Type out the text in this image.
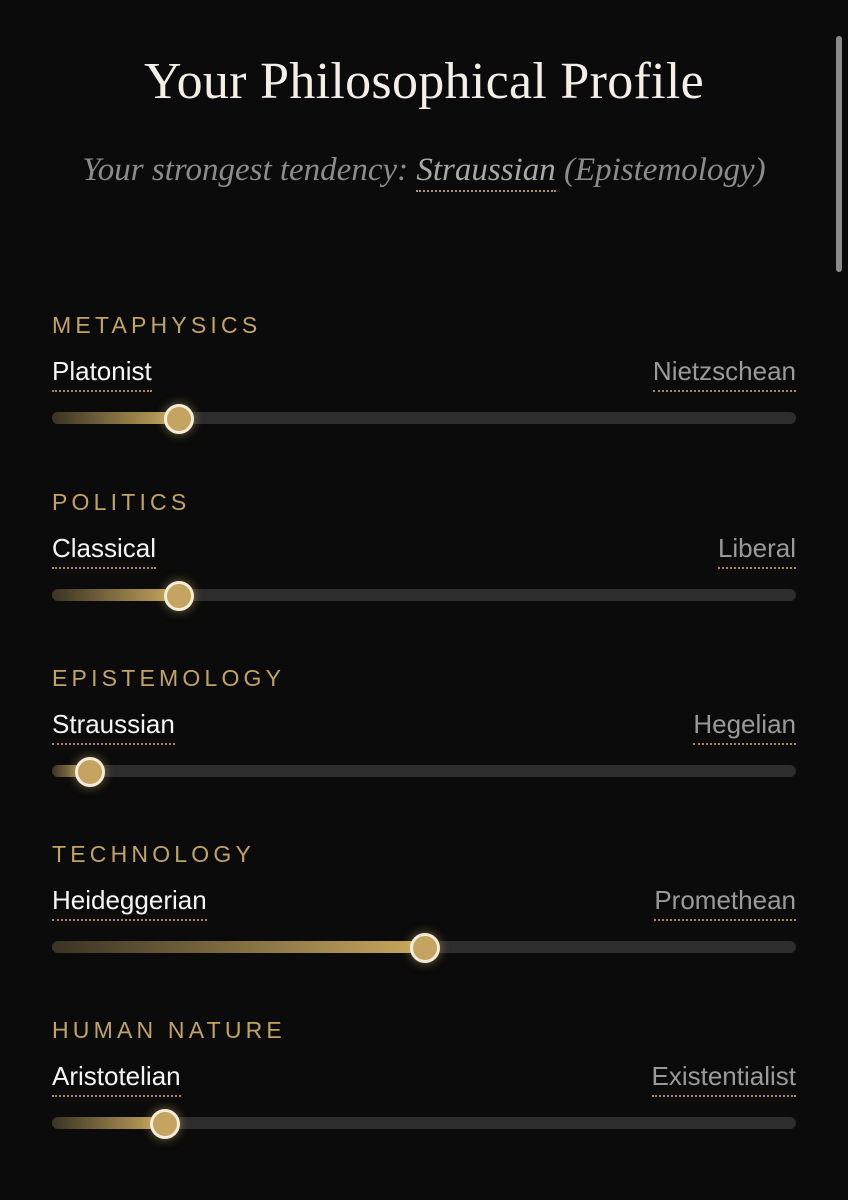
Your Philosophical Profile
Your strongest tendency: Straussian (Epistemology)
METAPHYSICS
Platonist	Nietzschean
POLITICS
Classical	Liberal
EPISTEMOLOGY
Straussian	Hegelian
TECHNOLOGY
Heideggerian	Promethean
HUMAN NATURE
Aristotelian	Existentialist
